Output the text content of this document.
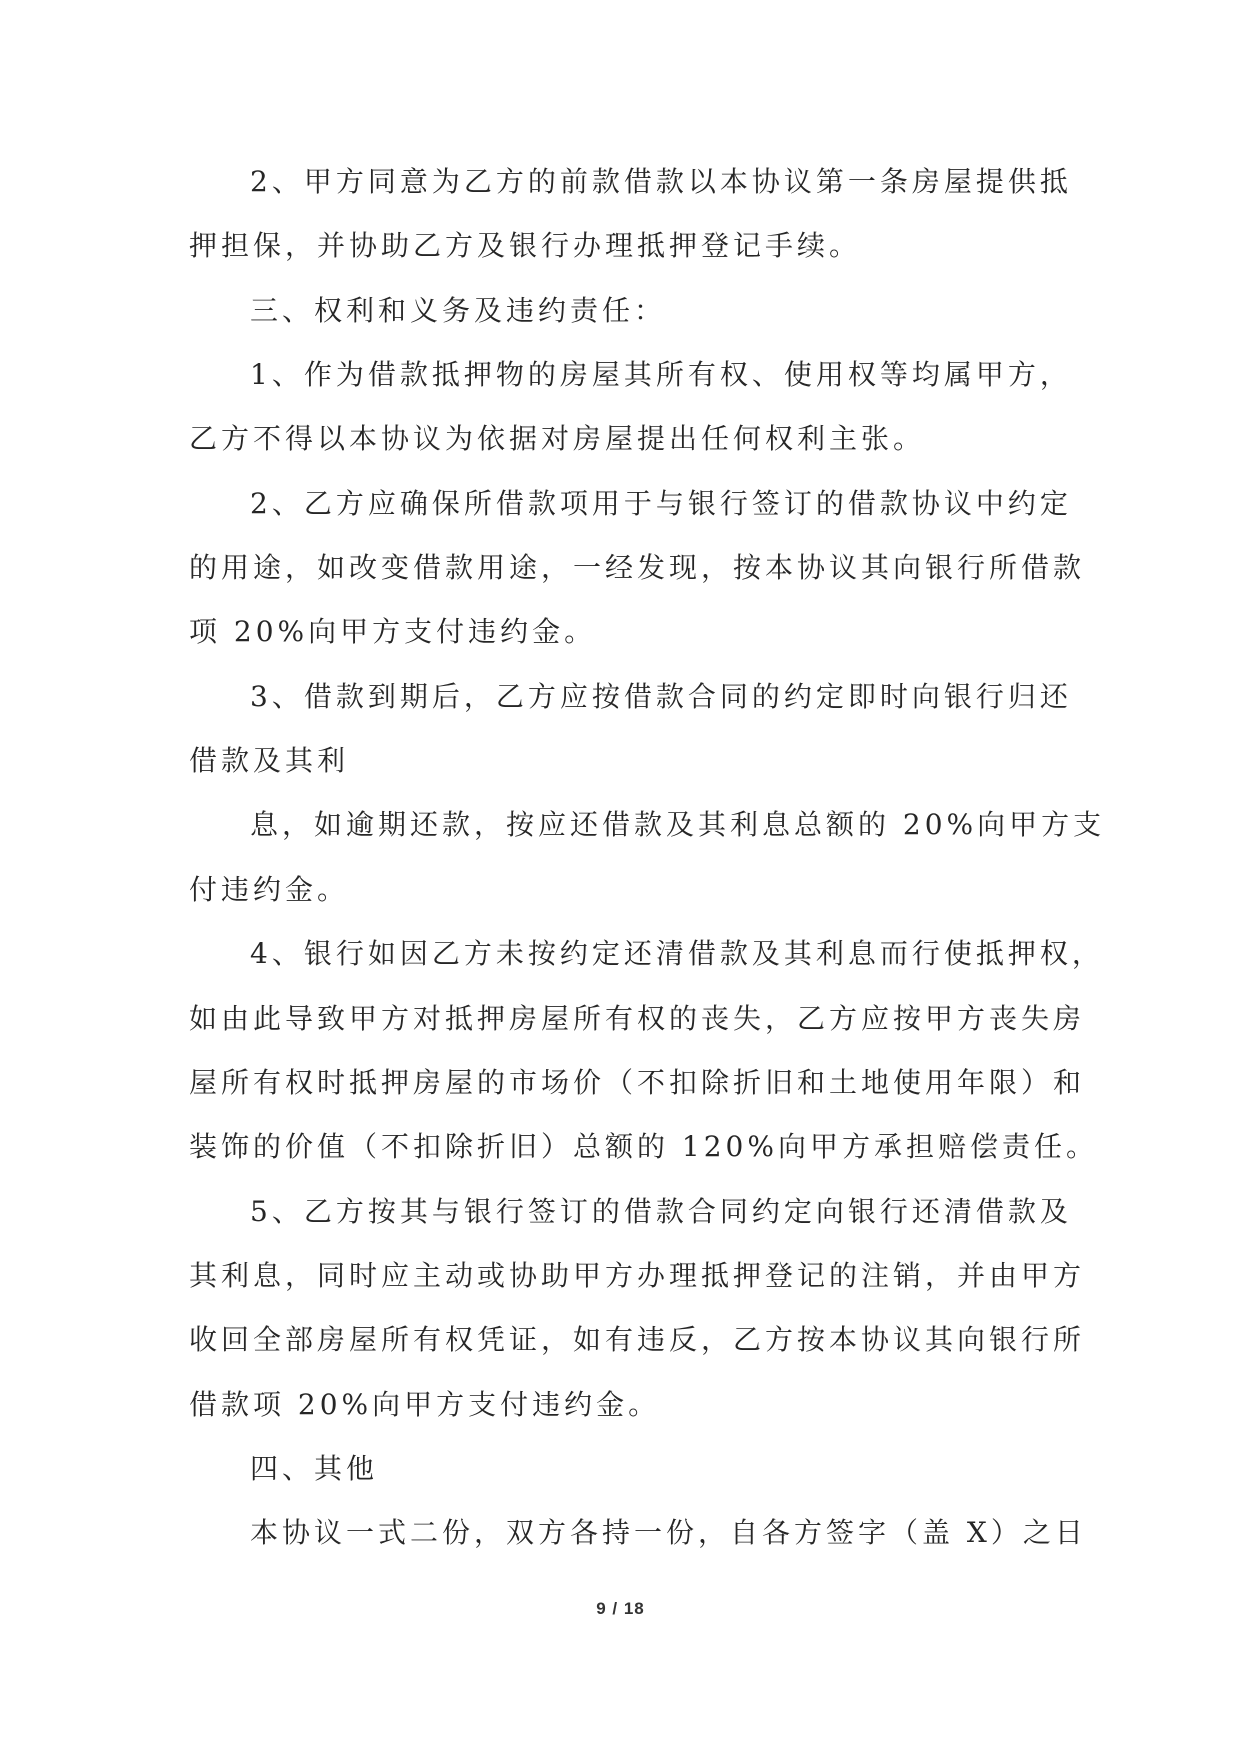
2、甲方同意为乙方的前款借款以本协议第一条房屋提供抵
押担保，并协助乙方及银行办理抵押登记手续。
三、权利和义务及违约责任：
1、作为借款抵押物的房屋其所有权、使用权等均属甲方，
乙方不得以本协议为依据对房屋提出任何权利主张。
2、乙方应确保所借款项用于与银行签订的借款协议中约定
的用途，如改变借款用途，一经发现，按本协议其向银行所借款
项 20%向甲方支付违约金。
3、借款到期后，乙方应按借款合同的约定即时向银行归还
借款及其利
息，如逾期还款，按应还借款及其利息总额的 20%向甲方支
付违约金。
4、银行如因乙方未按约定还清借款及其利息而行使抵押权，
如由此导致甲方对抵押房屋所有权的丧失，乙方应按甲方丧失房
屋所有权时抵押房屋的市场价（不扣除折旧和土地使用年限）和
装饰的价值（不扣除折旧）总额的 120%向甲方承担赔偿责任。
5、乙方按其与银行签订的借款合同约定向银行还清借款及
其利息，同时应主动或协助甲方办理抵押登记的注销，并由甲方
收回全部房屋所有权凭证，如有违反，乙方按本协议其向银行所
借款项 20%向甲方支付违约金。
四、其他
本协议一式二份，双方各持一份，自各方签字（盖 X）之日
9 / 18
